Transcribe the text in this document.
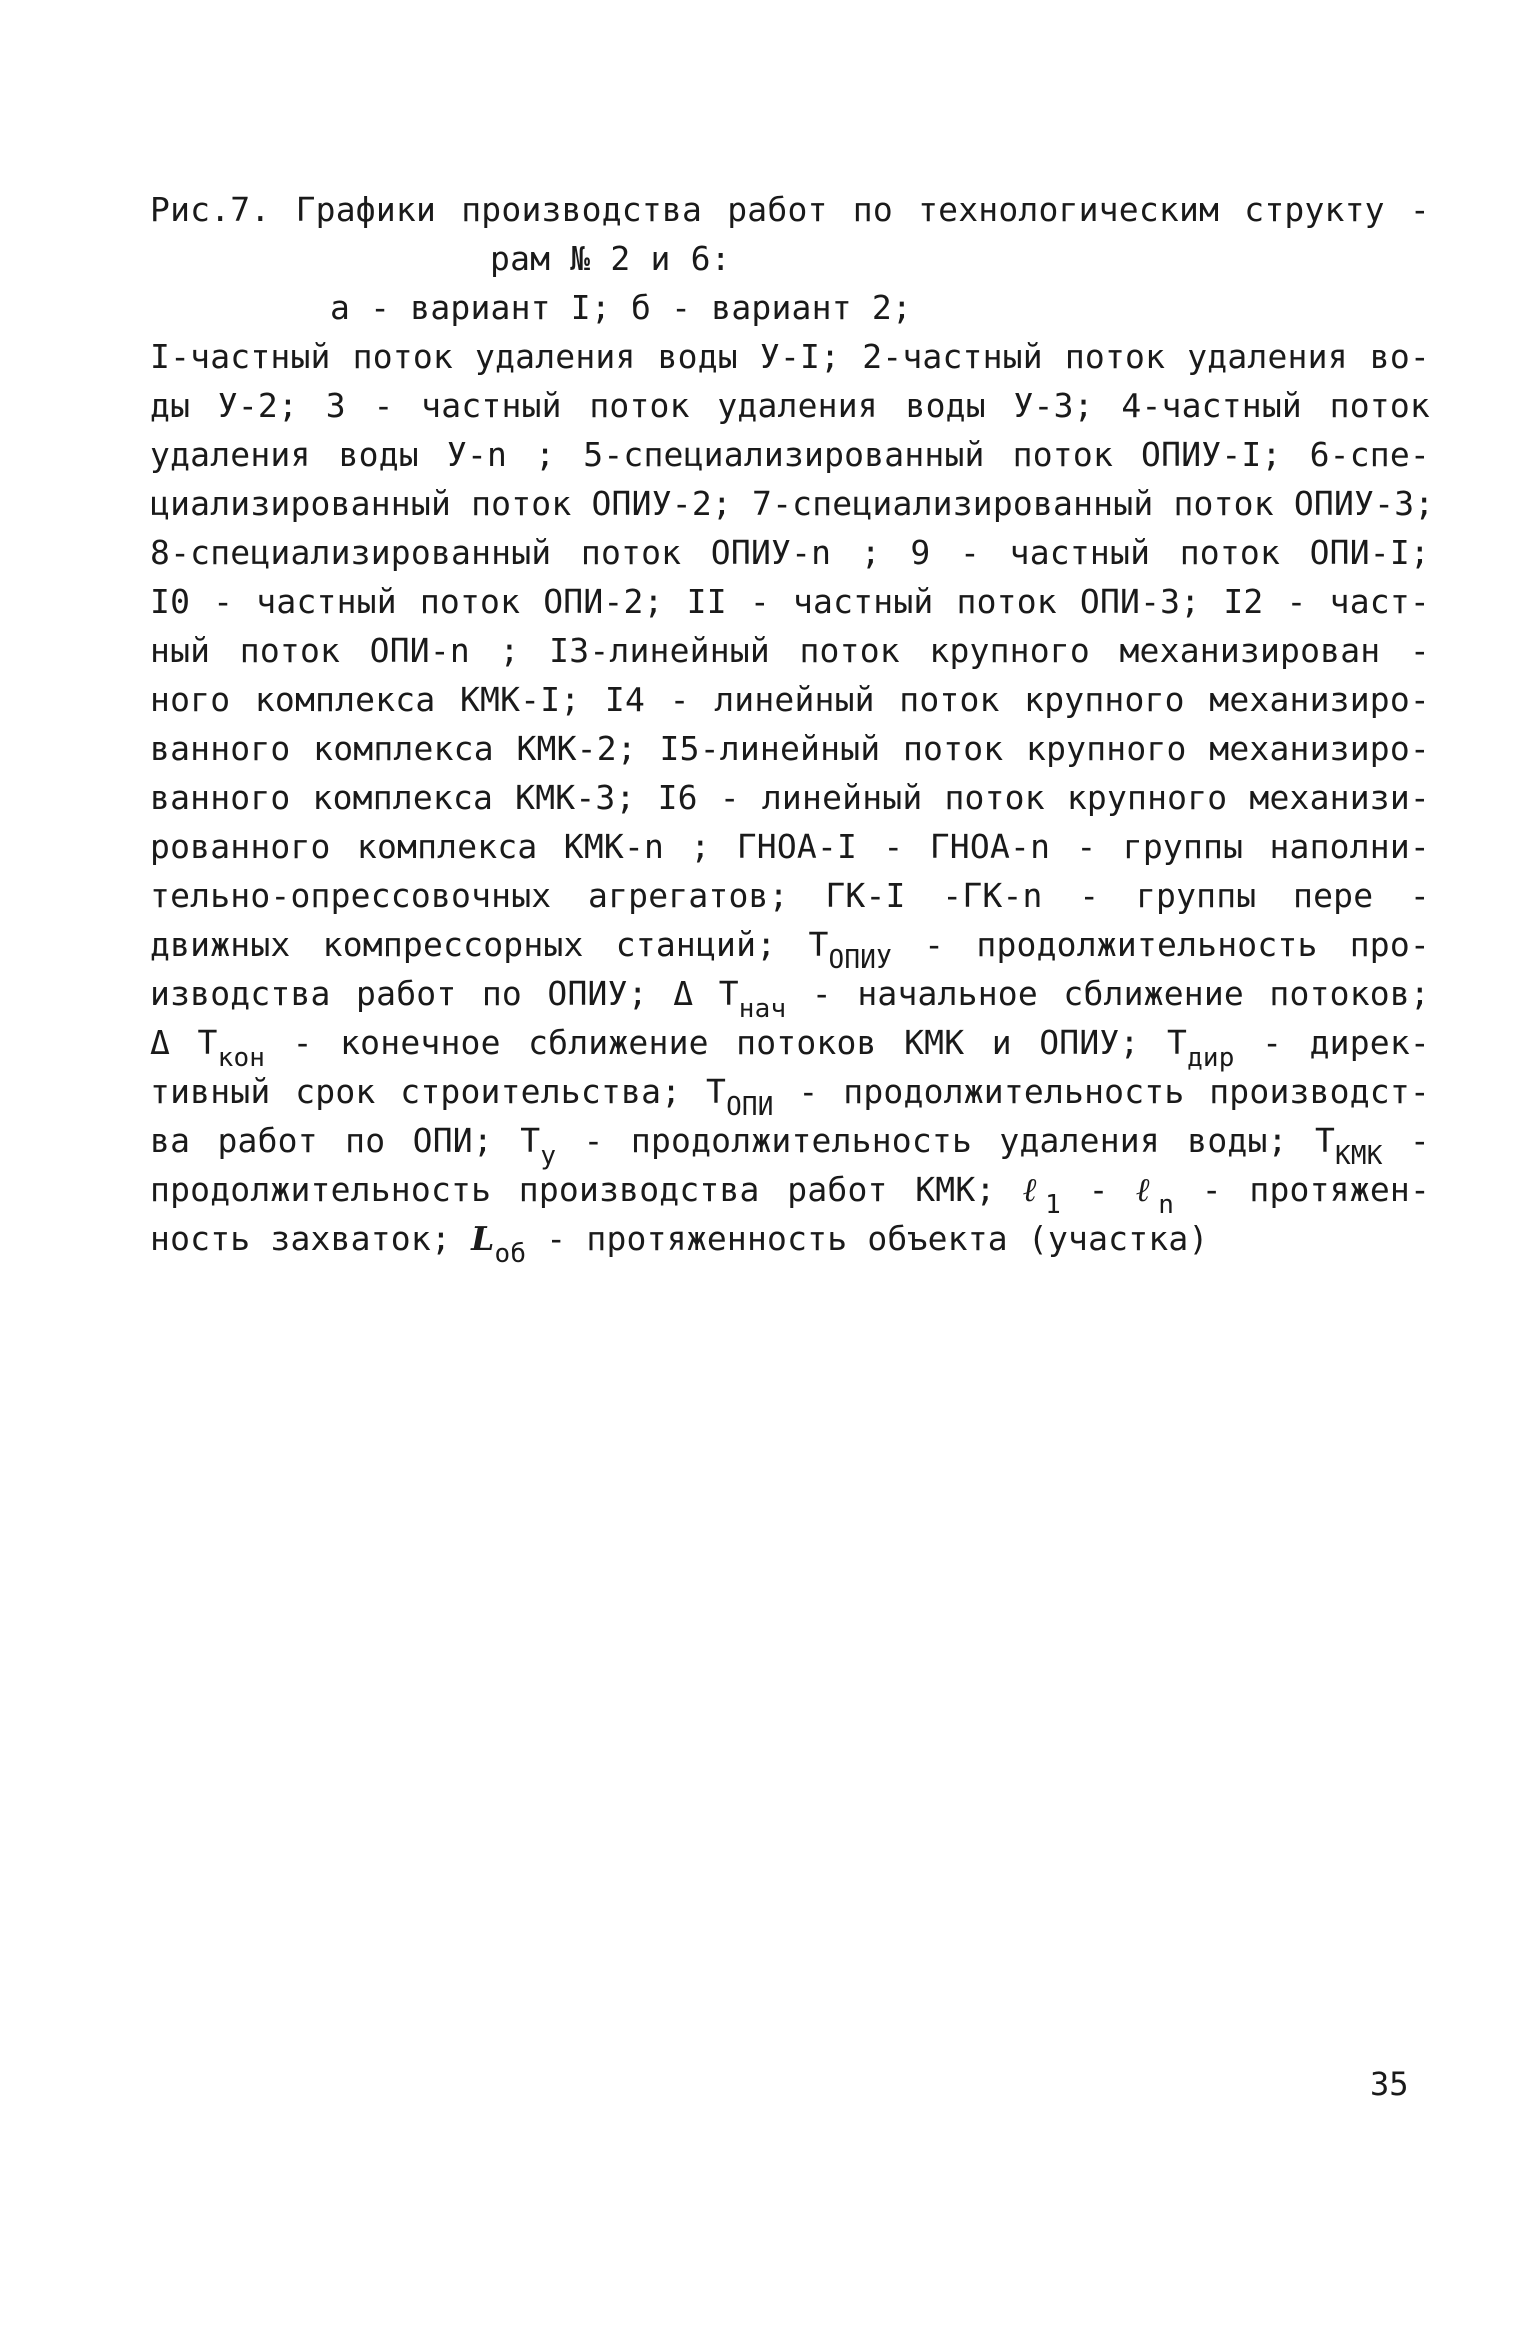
Рис.7. Графики производства работ по технологическим структу -
рам № 2 и 6:
а - вариант I; б - вариант 2;
I-частный поток удаления воды У-I; 2-частный поток удаления во-
ды У-2; 3 - частный поток удаления воды У-3; 4-частный поток
удаления воды У-n ; 5-специализированный поток ОПИУ-I; 6-спе-
циализированный поток ОПИУ-2; 7-специализированный поток ОПИУ-3;
8-специализированный поток ОПИУ-n ; 9 - частный поток ОПИ-I;
I0 - частный поток ОПИ-2; II - частный поток ОПИ-3; I2 - част-
ный поток ОПИ-n ; I3-линейный поток крупного механизирован -
ного комплекса КМК-I; I4 - линейный поток крупного механизиро-
ванного комплекса КМК-2; I5-линейный поток крупного механизиро-
ванного комплекса КМК-3; I6 - линейный поток крупного механизи-
рованного комплекса КМК-n ; ГНОА-I - ГНОА-n - группы наполни-
тельно-опрессовочных агрегатов; ГК-I -ГК-n - группы пере -
движных компрессорных станций; $Т_{ОПИУ}$ - продолжительность про-
изводства работ по ОПИУ; Δ $Т_{нач}$ - начальное сближение потоков;
Δ $Т_{кон}$ - конечное сближение потоков КМК и ОПИУ; $Т_{дир}$ - дирек-
тивный срок строительства; $Т_{ОПИ}$ - продолжительность производст-
ва работ по ОПИ; $Т_у$ - продолжительность удаления воды; $Т_{КМК}$ -
продолжительность производства работ КМК; ℓ$_1$ - ℓ$_n$ - протяжен-
ность захваток; $L_{об}$ - протяженность объекта (участка)
35
